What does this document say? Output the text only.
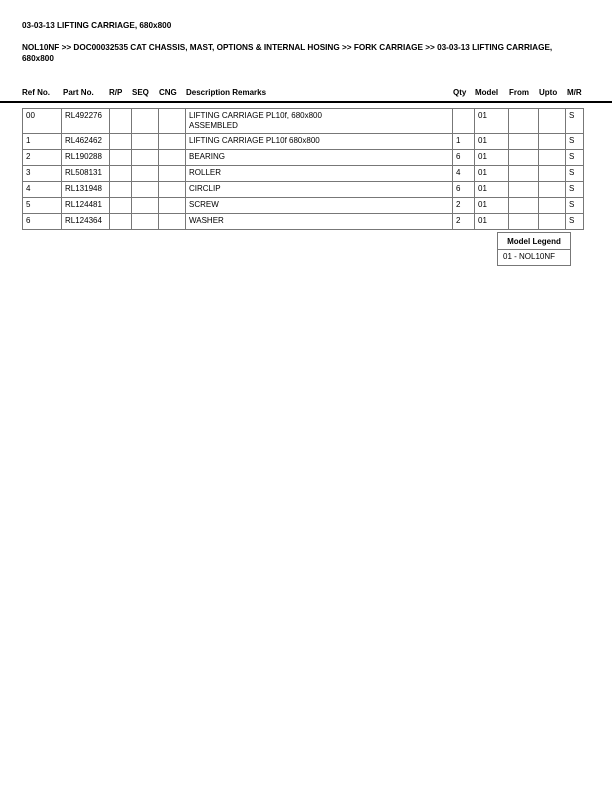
03-03-13 LIFTING CARRIAGE, 680x800
NOL10NF >> DOC00032535 CAT CHASSIS, MAST, OPTIONS & INTERNAL HOSING >> FORK CARRIAGE >> 03-03-13 LIFTING CARRIAGE, 680x800
Ref No. Part No. R/P SEQ CNG Description Remarks	Qty Model From Upto M/R
00	RL492276				LIFTING CARRIAGE PL10f, 680x800
ASSEMBLED		01			S
1	RL462462				LIFTING CARRIAGE PL10f 680x800	1	01			S
2	RL190288				BEARING	6	01			S
3	RL508131				ROLLER	4	01			S
4	RL131948				CIRCLIP	6	01			S
5	RL124481				SCREW	2	01			S
6	RL124364				WASHER	2	01			S
Model Legend
01 - NOL10NF
